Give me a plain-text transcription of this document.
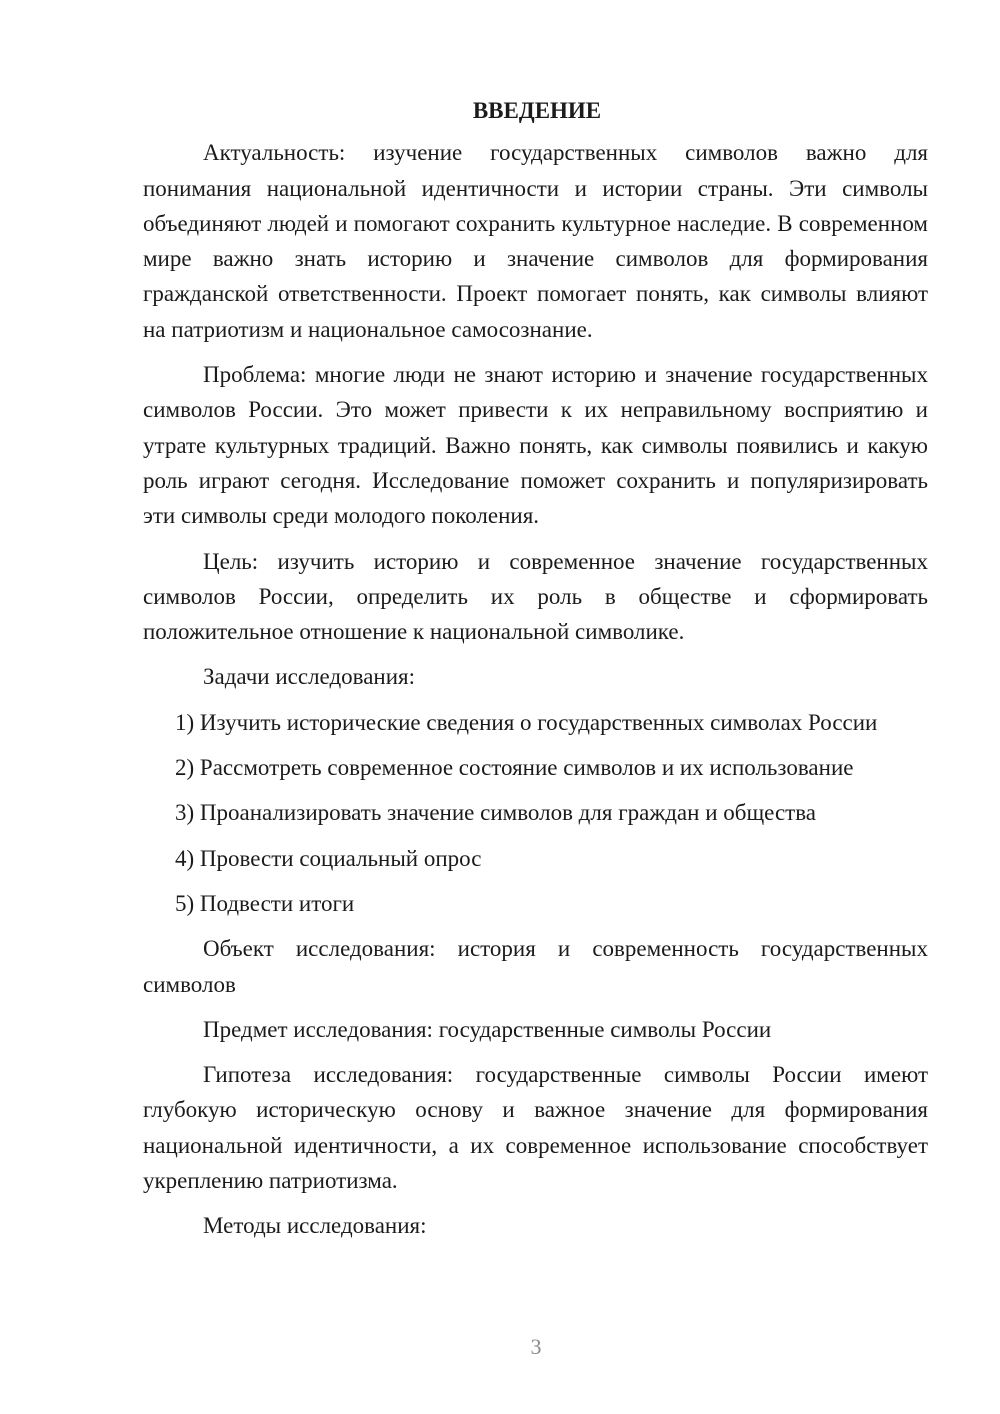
ВВЕДЕНИЕ

Актуальность: изучение государственных символов важно для понимания национальной идентичности и истории страны. Эти символы объединяют людей и помогают сохранить культурное наследие. В современном мире важно знать историю и значение символов для формирования гражданской ответственности. Проект помогает понять, как символы влияют на патриотизм и национальное самосознание.

Проблема: многие люди не знают историю и значение государственных символов России. Это может привести к их неправильному восприятию и утрате культурных традиций. Важно понять, как символы появились и какую роль играют сегодня. Исследование поможет сохранить и популяризировать эти символы среди молодого поколения.

Цель: изучить историю и современное значение государственных символов России, определить их роль в обществе и сформировать положительное отношение к национальной символике.

Задачи исследования:

1) Изучить исторические сведения о государственных символах России
2) Рассмотреть современное состояние символов и их использование
3) Проанализировать значение символов для граждан и общества
4) Провести социальный опрос
5) Подвести итоги

Объект исследования: история и современность государственных символов

Предмет исследования: государственные символы России

Гипотеза исследования: государственные символы России имеют глубокую историческую основу и важное значение для формирования национальной идентичности, а их современное использование способствует укреплению патриотизма.

Методы исследования:

3
